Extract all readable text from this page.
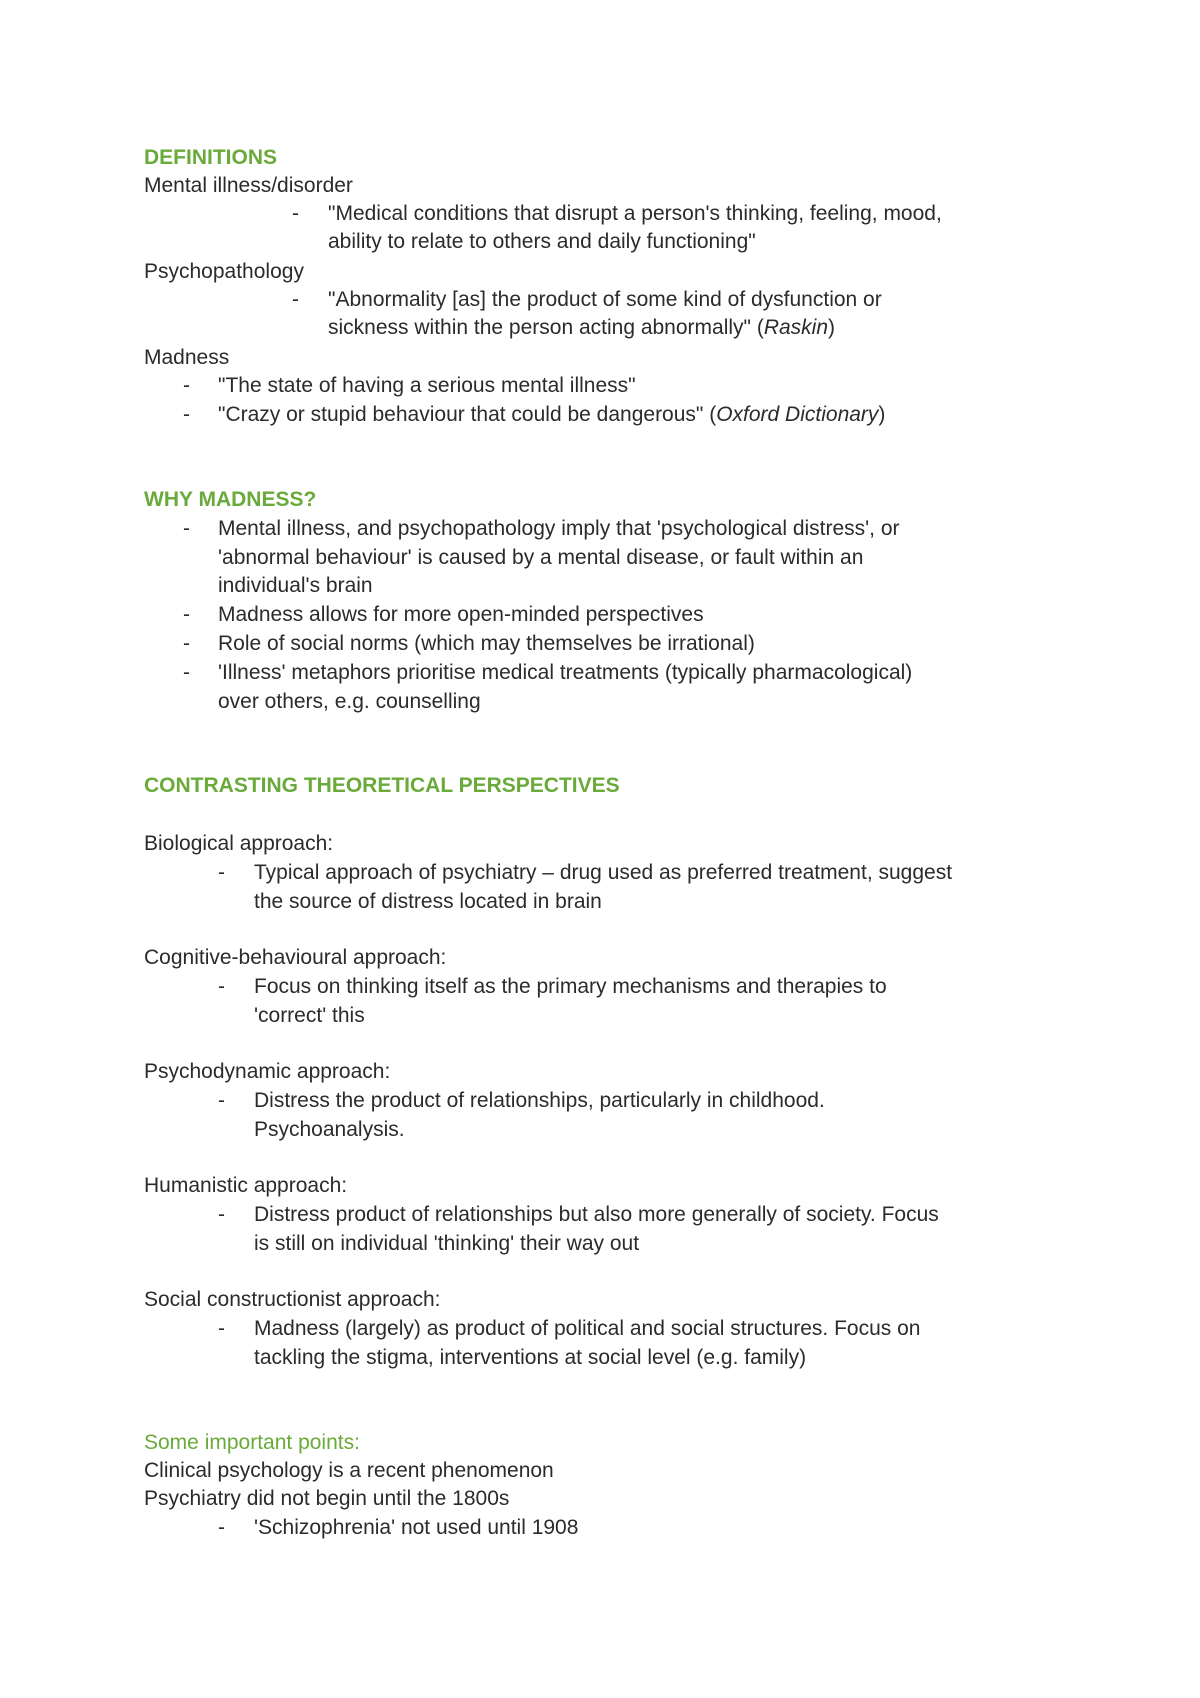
DEFINITIONS
Mental illness/disorder
- "Medical conditions that disrupt a person's thinking, feeling, mood,
ability to relate to others and daily functioning"
Psychopathology
- "Abnormality [as] the product of some kind of dysfunction or
sickness within the person acting abnormally" (Raskin)
Madness
- "The state of having a serious mental illness"
- "Crazy or stupid behaviour that could be dangerous" (Oxford Dictionary)
WHY MADNESS?
- Mental illness, and psychopathology imply that 'psychological distress', or
'abnormal behaviour' is caused by a mental disease, or fault within an
individual's brain
- Madness allows for more open-minded perspectives
- Role of social norms (which may themselves be irrational)
- 'Illness' metaphors prioritise medical treatments (typically pharmacological)
over others, e.g. counselling
CONTRASTING THEORETICAL PERSPECTIVES
Biological approach:
- Typical approach of psychiatry – drug used as preferred treatment, suggest
the source of distress located in brain
Cognitive-behavioural approach:
- Focus on thinking itself as the primary mechanisms and therapies to
'correct' this
Psychodynamic approach:
- Distress the product of relationships, particularly in childhood.
Psychoanalysis.
Humanistic approach:
- Distress product of relationships but also more generally of society. Focus
is still on individual 'thinking' their way out
Social constructionist approach:
- Madness (largely) as product of political and social structures. Focus on
tackling the stigma, interventions at social level (e.g. family)
Some important points:
Clinical psychology is a recent phenomenon
Psychiatry did not begin until the 1800s
- 'Schizophrenia' not used until 1908
